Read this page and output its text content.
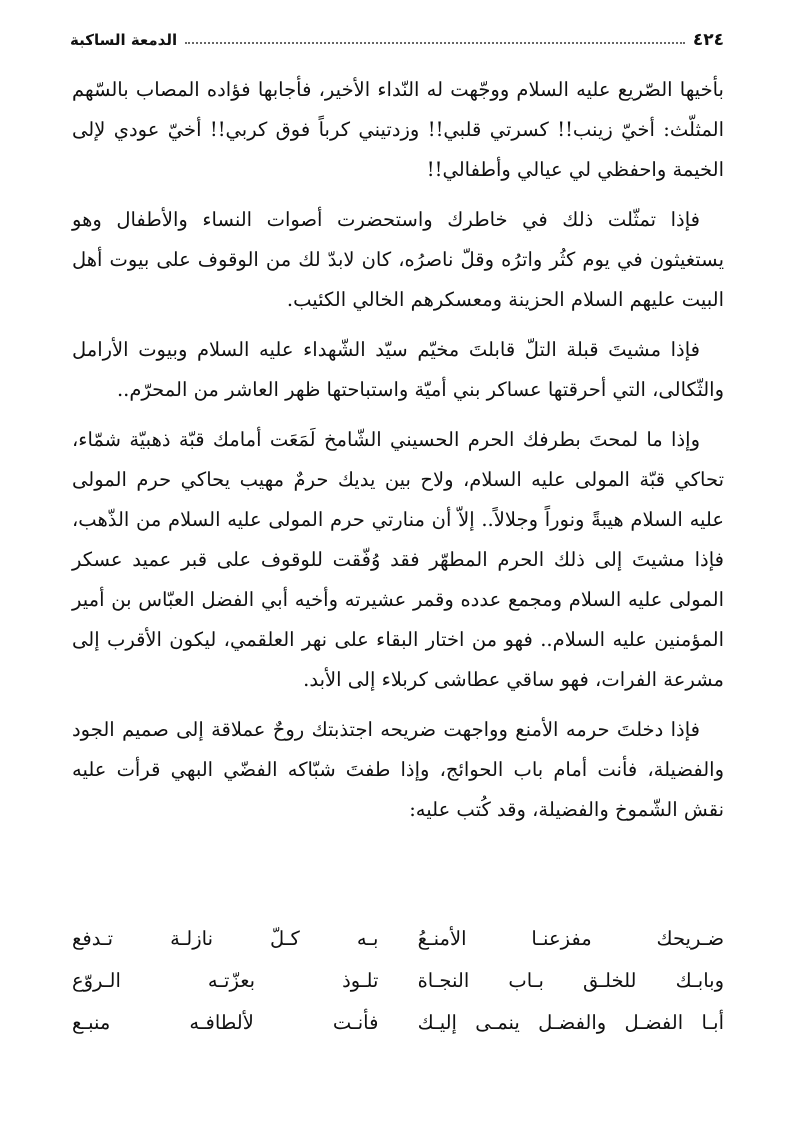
٤٢٤
الدمعة الساكبة

بأخيها الصّريع عليه السلام ووجّهت له النّداء الأخير، فأجابها فؤاده المصاب بالسّهم المثلّث: أخيّ زينب!! كسرتي قلبي!! وزدتيني كرباً فوق كربي!! أخيّ عودي لإلى الخيمة واحفظي لي عيالي وأطفالي!!

فإذا تمثّلت ذلك في خاطرك واستحضرت أصوات النساء والأطفال وهو يستغيثون في يوم كثُر واترُه وقلّ ناصرُه، كان لابدّ لك من الوقوف على بيوت أهل البيت عليهم السلام الحزينة ومعسكرهم الخالي الكئيب.

فإذا مشيتَ قبلة التلّ قابلتَ مخيّم سيّد الشّهداء عليه السلام وبيوت الأرامل والثّكالى، التي أحرقتها عساكر بني أميّة واستباحتها ظهر العاشر من المحرّم..

وإذا ما لمحتَ بطرفك الحرم الحسيني الشّامخ لَمَعَت أمامك قبّة ذهبيّة شمّاء، تحاكي قبّة المولى عليه السلام، ولاح بين يديك حرمٌ مهيب يحاكي حرم المولى عليه السلام هيبةً ونوراً وجلالاً.. إلاّ أن منارتي حرم المولى عليه السلام من الذّهب، فإذا مشيتَ إلى ذلك الحرم المطهّر فقد وُفّقت للوقوف على قبر عميد عسكر المولى عليه السلام ومجمع عدده وقمر عشيرته وأخيه أبي الفضل العبّاس بن أمير المؤمنين عليه السلام.. فهو من اختار البقاء على نهر العلقمي، ليكون الأقرب إلى مشرعة الفرات، فهو ساقي عطاشى كربلاء إلى الأبد.

فإذا دخلتَ حرمه الأمنع وواجهت ضريحه اجتذبتك روحٌ عملاقة إلى صميم الجود والفضيلة، فأنت أمام باب الحوائج، وإذا طفتَ شبّاكه الفضّي البهي قرأت عليه نقش الشّموخ والفضيلة، وقد كُتب عليه:

ضـريحك مفزعنـا الأمنـعُ
بـه كـلّ نازلـة تـدفع
وبابـك للخلـق بـاب النجـاة
تلـوذ بعزّتـه الـروّع
أبـا الفضـل والفضـل ينمـى إليـك
فأنـت لألطافـه منبـع
